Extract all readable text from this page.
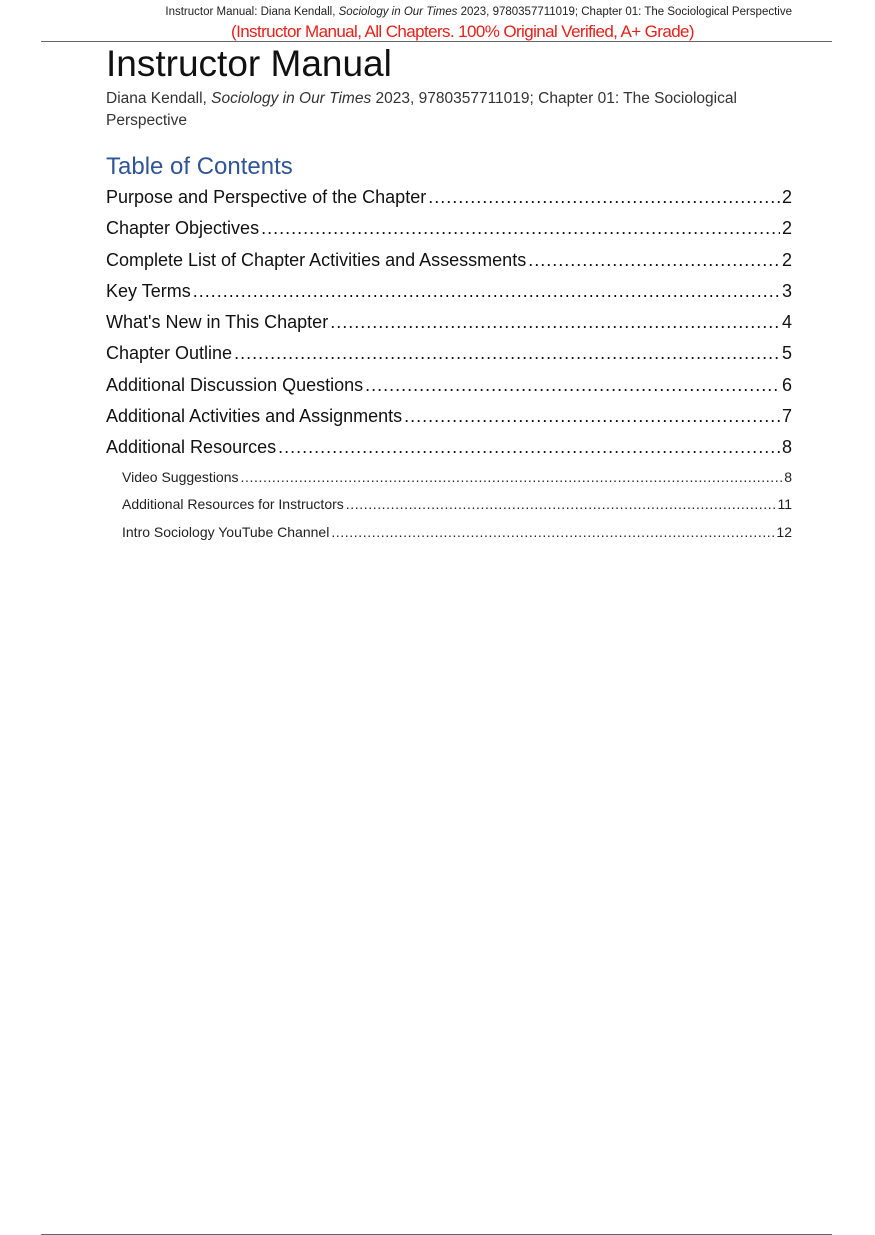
Instructor Manual: Diana Kendall, Sociology in Our Times 2023, 9780357711019; Chapter 01: The Sociological Perspective
(Instructor Manual, All Chapters. 100% Original Verified, A+ Grade)
Instructor Manual
Diana Kendall, Sociology in Our Times 2023, 9780357711019; Chapter 01: The Sociological Perspective
Table of Contents
Purpose and Perspective of the Chapter .....	2
Chapter Objectives .....	2
Complete List of Chapter Activities and Assessments .....	2
Key Terms .....	3
What's New in This Chapter .....	4
Chapter Outline .....	5
Additional Discussion Questions .....	6
Additional Activities and Assignments .....	7
Additional Resources .....	8
Video Suggestions .....	8
Additional Resources for Instructors .....	11
Intro Sociology YouTube Channel .....	12
